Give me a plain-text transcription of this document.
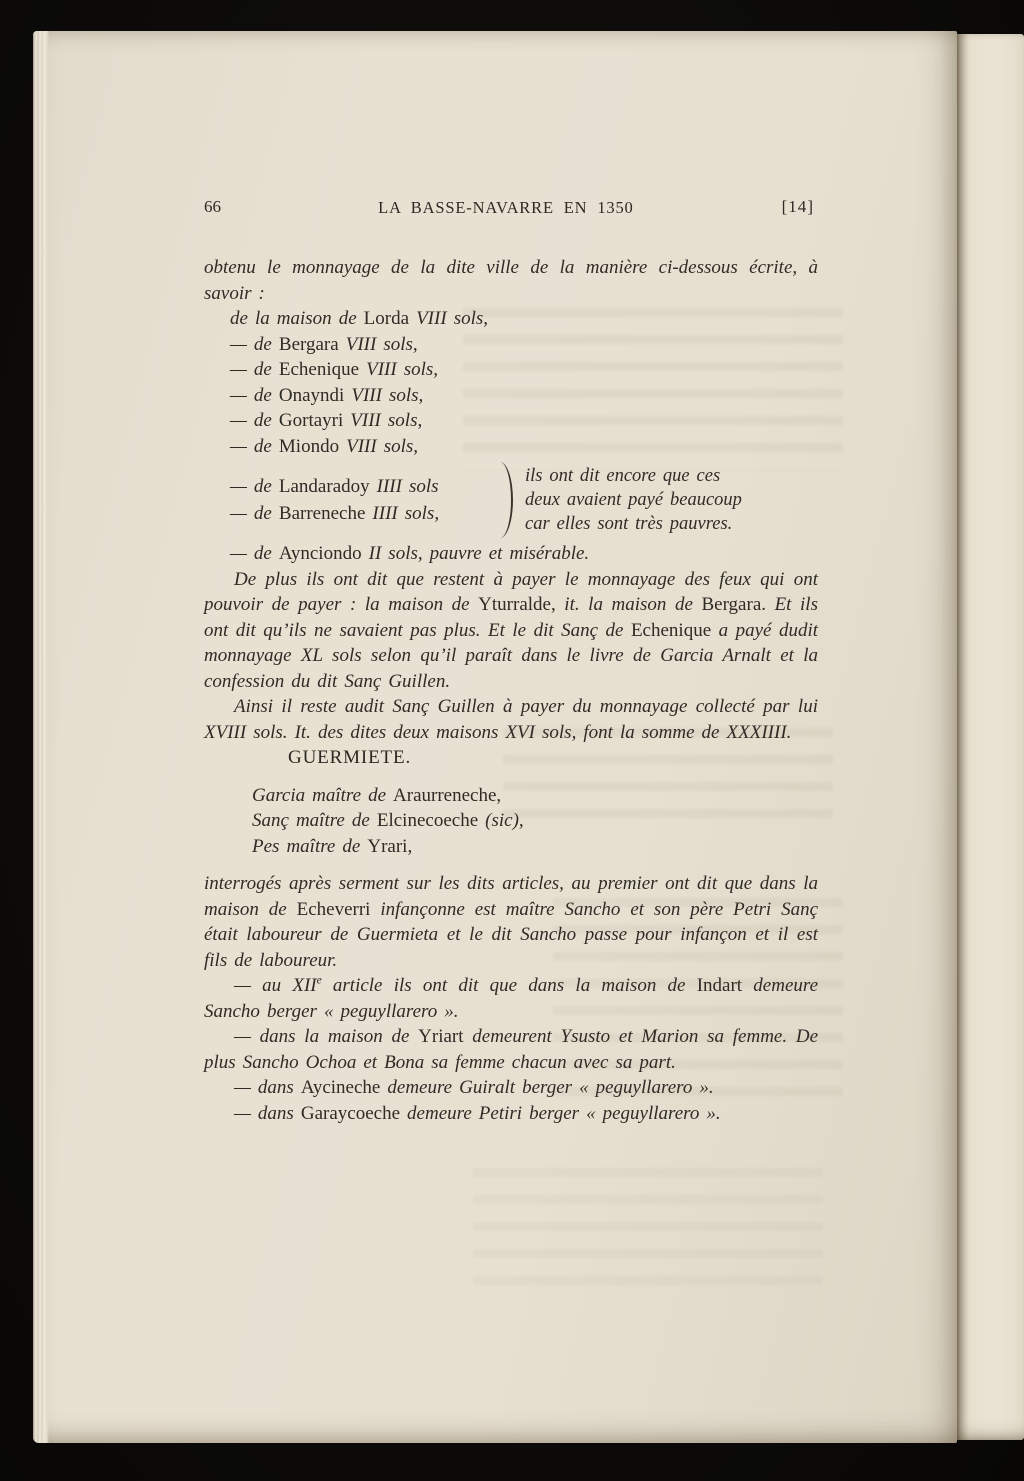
66	LA BASSE-NAVARRE EN 1350	[14]

obtenu le monnayage de la dite ville de la manière ci-dessous écrite, à savoir :

de la maison de Lorda VIII sols,

— de Bergara VIII sols,

— de Echenique VIII sols,

— de Onayndi VIII sols,

— de Gortayri VIII sols,

— de Miondo VIII sols,

— de Landaradoy IIII sols
— de Barreneche IIII sols,
ils ont dit encore que ces
deux avaient payé beaucoup
car elles sont très pauvres.

— de Aynciondo II sols, pauvre et misérable.

De plus ils ont dit que restent à payer le monnayage des feux qui ont pouvoir de payer : la maison de Yturralde, it. la maison de Bergara. Et ils ont dit qu’ils ne savaient pas plus. Et le dit Sanç de Echenique a payé dudit monnayage XL sols selon qu’il paraît dans le livre de Garcia Arnalt et la confession du dit Sanç Guillen.

Ainsi il reste audit Sanç Guillen à payer du monnayage collecté par lui XVIII sols. It. des dites deux maisons XVI sols, font la somme de XXXIIII.

GUERMIETE.

Garcia maître de Araurreneche,

Sanç maître de Elcinecoeche (sic),

Pes maître de Yrari,

interrogés après serment sur les dits articles, au premier ont dit que dans la maison de Echeverri infançonne est maître Sancho et son père Petri Sanç était laboureur de Guermieta et le dit Sancho passe pour infançon et il est fils de laboureur.

— au XIIe article ils ont dit que dans la maison de Indart demeure Sancho berger « peguyllarero ».

— dans la maison de Yriart demeurent Ysusto et Marion sa femme. De plus Sancho Ochoa et Bona sa femme chacun avec sa part.

— dans Aycineche demeure Guiralt berger « peguyllarero ».

— dans Garaycoeche demeure Petiri berger « peguyllarero ».
